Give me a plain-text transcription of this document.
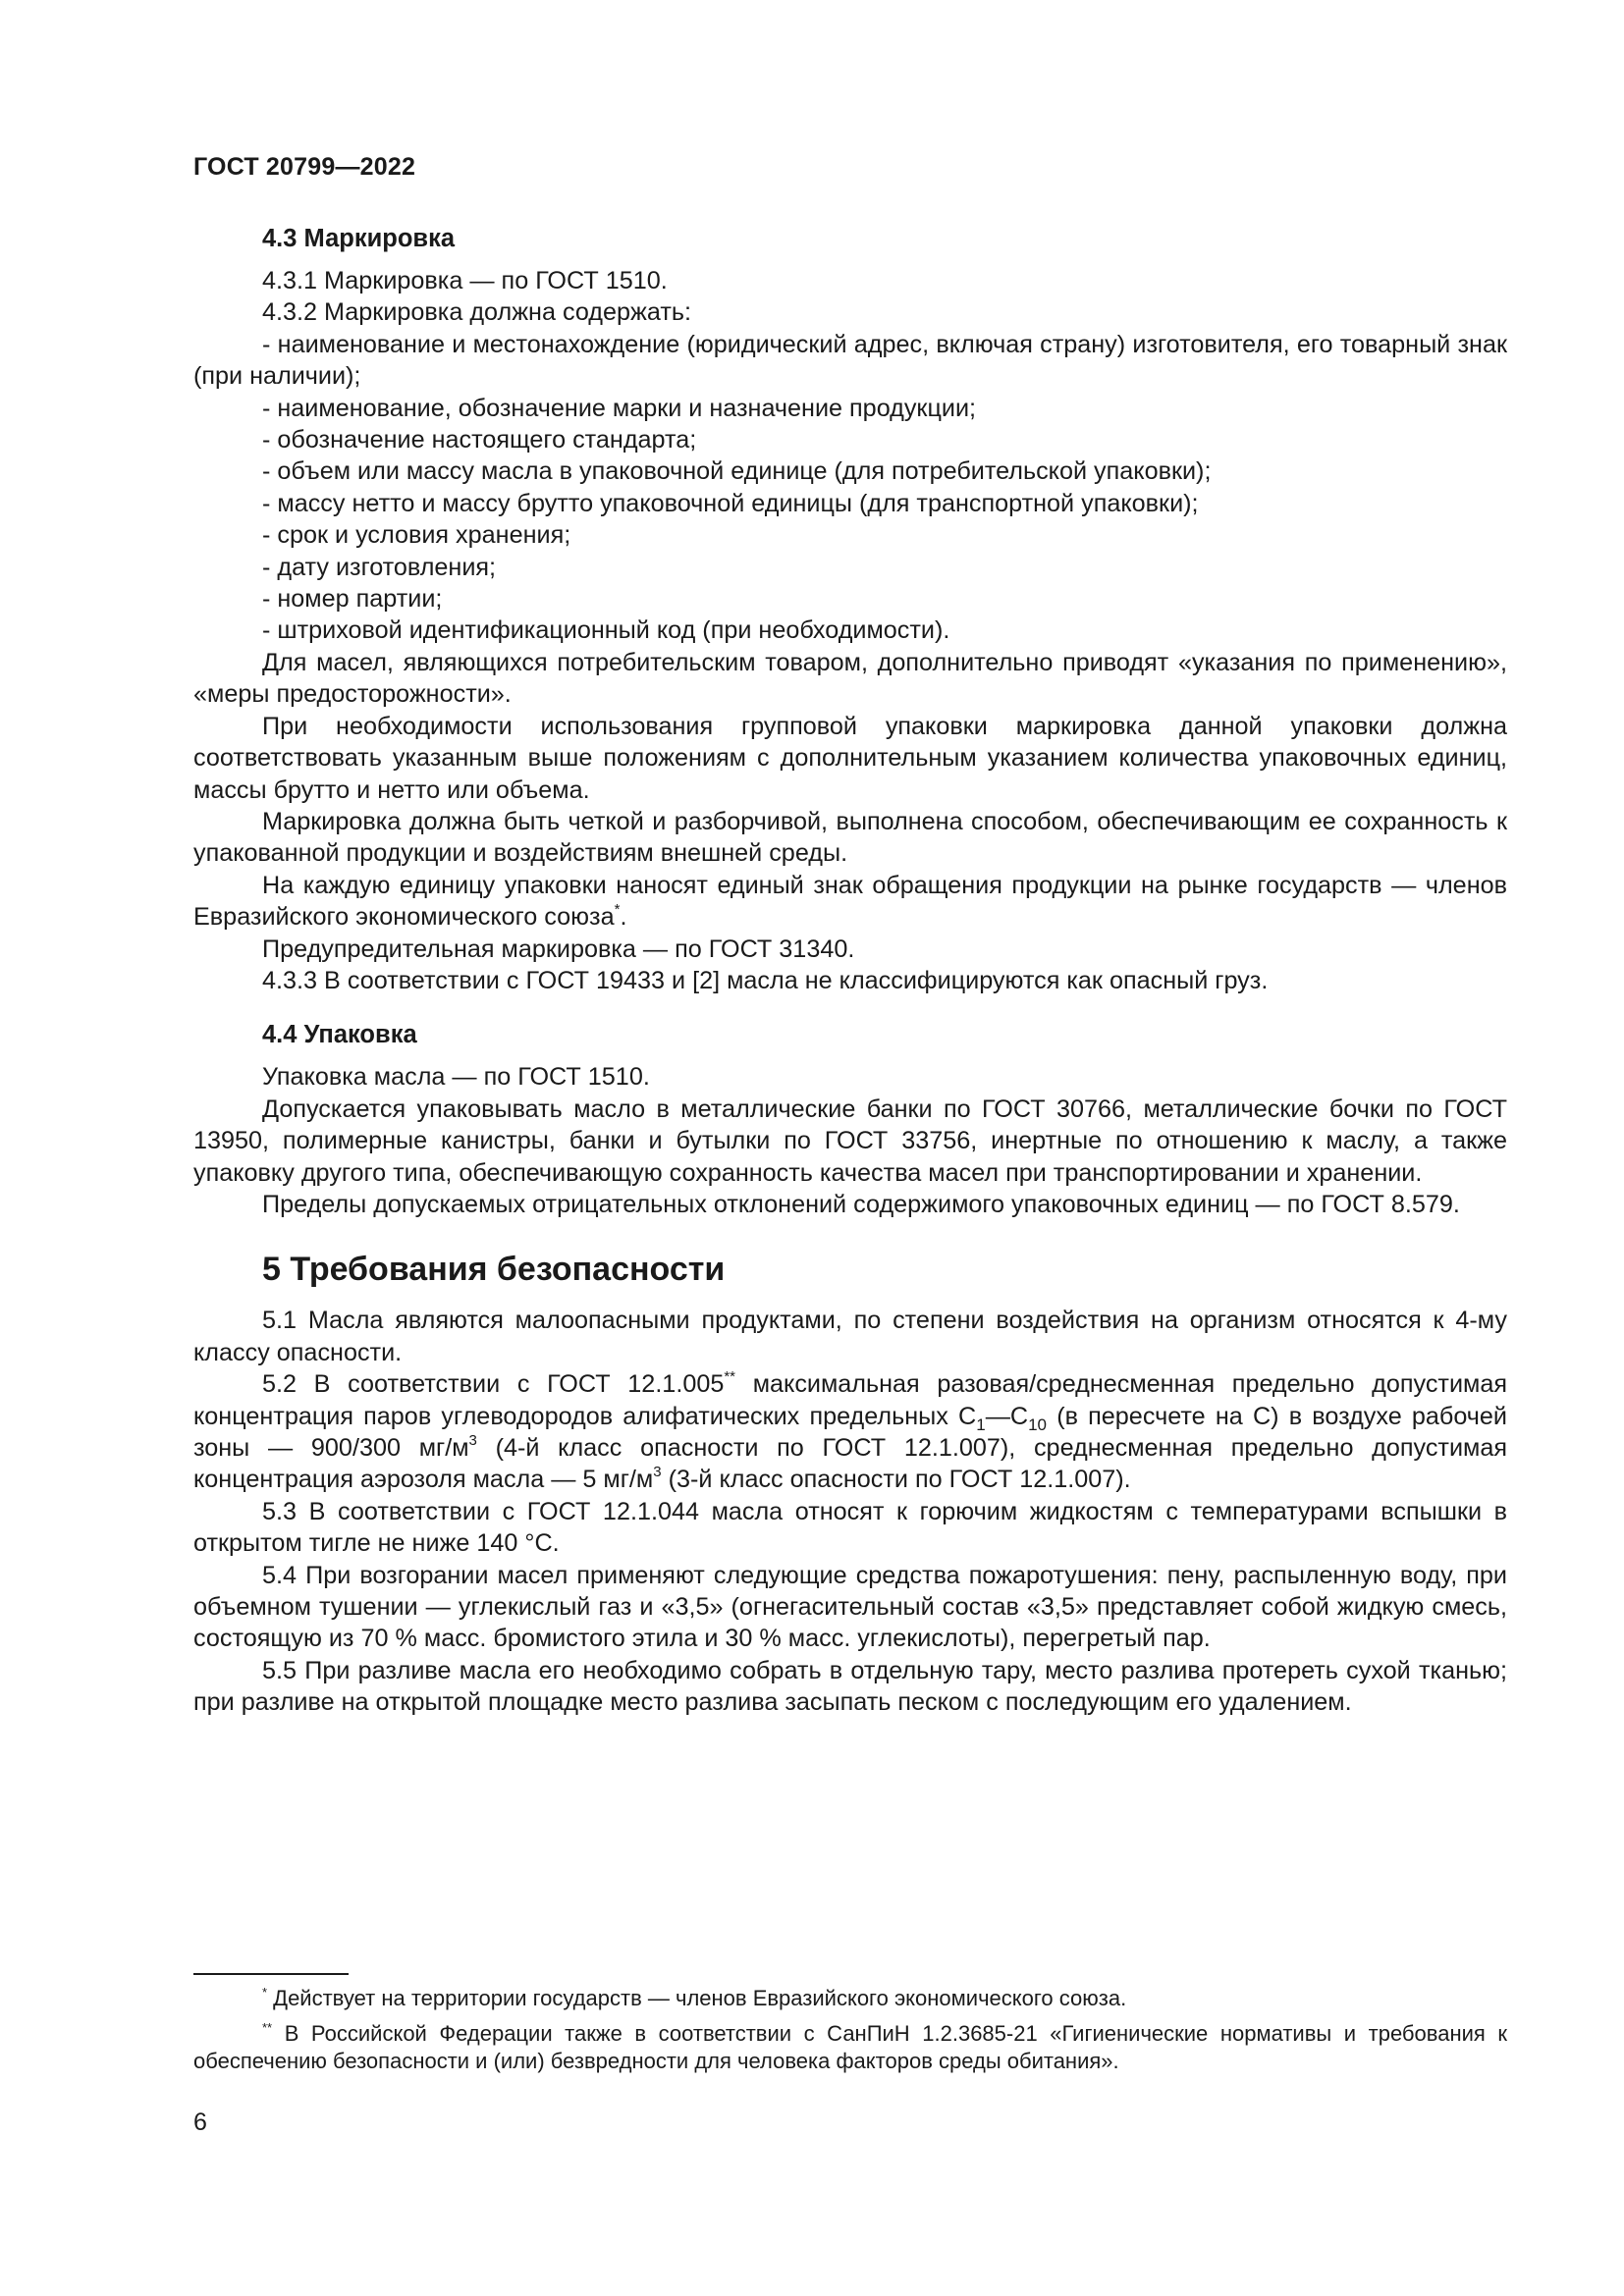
ГОСТ 20799—2022
4.3 Маркировка

4.3.1 Маркировка — по ГОСТ 1510.

4.3.2 Маркировка должна содержать:

- наименование и местонахождение (юридический адрес, включая страну) изготовителя, его товарный знак (при наличии);

- наименование, обозначение марки и назначение продукции;

- обозначение настоящего стандарта;

- объем или массу масла в упаковочной единице (для потребительской упаковки);

- массу нетто и массу брутто упаковочной единицы (для транспортной упаковки);

- срок и условия хранения;

- дату изготовления;

- номер партии;

- штриховой идентификационный код (при необходимости).

Для масел, являющихся потребительским товаром, дополнительно приводят «указания по применению», «меры предосторожности».

При необходимости использования групповой упаковки маркировка данной упаковки должна соответствовать указанным выше положениям с дополнительным указанием количества упаковочных единиц, массы брутто и нетто или объема.

Маркировка должна быть четкой и разборчивой, выполнена способом, обеспечивающим ее сохранность к упакованной продукции и воздействиям внешней среды.

На каждую единицу упаковки наносят единый знак обращения продукции на рынке государств — членов Евразийского экономического союза*.

Предупредительная маркировка — по ГОСТ 31340.

4.3.3 В соответствии с ГОСТ 19433 и [2] масла не классифицируются как опасный груз.

4.4 Упаковка

Упаковка масла — по ГОСТ 1510.

Допускается упаковывать масло в металлические банки по ГОСТ 30766, металлические бочки по ГОСТ 13950, полимерные канистры, банки и бутылки по ГОСТ 33756, инертные по отношению к маслу, а также упаковку другого типа, обеспечивающую сохранность качества масел при транспортировании и хранении.

Пределы допускаемых отрицательных отклонений содержимого упаковочных единиц — по ГОСТ 8.579.

5 Требования безопасности

5.1 Масла являются малоопасными продуктами, по степени воздействия на организм относятся к 4-му классу опасности.

5.2 В соответствии с ГОСТ 12.1.005** максимальная разовая/среднесменная предельно допустимая концентрация паров углеводородов алифатических предельных $С_1—С_{10}$ (в пересчете на С) в воздухе рабочей зоны — 900/300 $мг/м^3$ (4-й класс опасности по ГОСТ 12.1.007), среднесменная предельно допустимая концентрация аэрозоля масла — 5 $мг/м^3$ (3-й класс опасности по ГОСТ 12.1.007).

5.3 В соответствии с ГОСТ 12.1.044 масла относят к горючим жидкостям с температурами вспышки в открытом тигле не ниже 140 °С.

5.4 При возгорании масел применяют следующие средства пожаротушения: пену, распыленную воду, при объемном тушении — углекислый газ и «3,5» (огнегасительный состав «3,5» представляет собой жидкую смесь, состоящую из 70 % масс. бромистого этила и 30 % масс. углекислоты), перегретый пар.

5.5 При разливе масла его необходимо собрать в отдельную тару, место разлива протереть сухой тканью; при разливе на открытой площадке место разлива засыпать песком с последующим его удалением.

* Действует на территории государств — членов Евразийского экономического союза.

** В Российской Федерации также в соответствии с СанПиН 1.2.3685-21 «Гигиенические нормативы и требования к обеспечению безопасности и (или) безвредности для человека факторов среды обитания».

6
